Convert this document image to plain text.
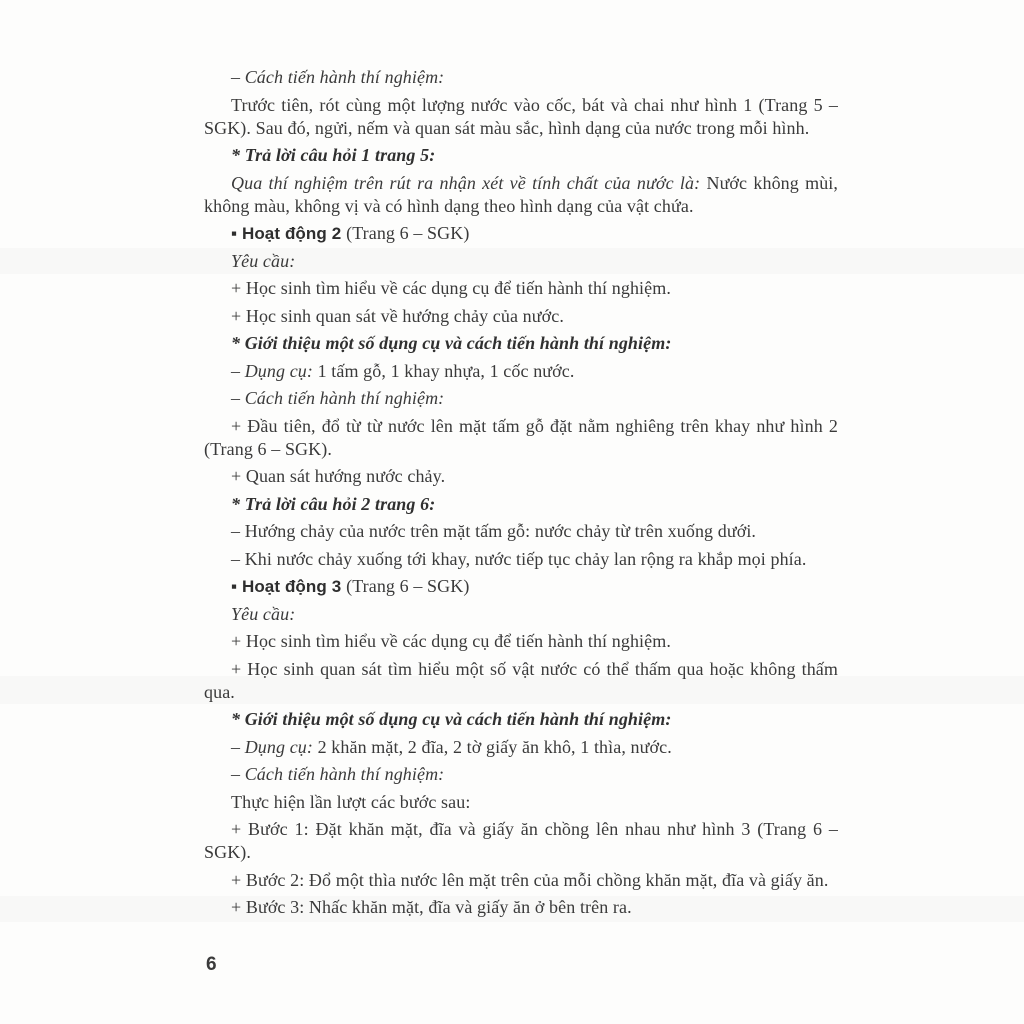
– Cách tiến hành thí nghiệm:

Trước tiên, rót cùng một lượng nước vào cốc, bát và chai như hình 1 (Trang 5 – SGK). Sau đó, ngửi, nếm và quan sát màu sắc, hình dạng của nước trong mỗi hình.

* Trả lời câu hỏi 1 trang 5:

Qua thí nghiệm trên rút ra nhận xét về tính chất của nước là: Nước không mùi, không màu, không vị và có hình dạng theo hình dạng của vật chứa.

▪ Hoạt động 2 (Trang 6 – SGK)

Yêu cầu:

+ Học sinh tìm hiểu về các dụng cụ để tiến hành thí nghiệm.

+ Học sinh quan sát về hướng chảy của nước.

* Giới thiệu một số dụng cụ và cách tiến hành thí nghiệm:

– Dụng cụ: 1 tấm gỗ, 1 khay nhựa, 1 cốc nước.

– Cách tiến hành thí nghiệm:

+ Đầu tiên, đổ từ từ nước lên mặt tấm gỗ đặt nằm nghiêng trên khay như hình 2 (Trang 6 – SGK).

+ Quan sát hướng nước chảy.

* Trả lời câu hỏi 2 trang 6:

– Hướng chảy của nước trên mặt tấm gỗ: nước chảy từ trên xuống dưới.

– Khi nước chảy xuống tới khay, nước tiếp tục chảy lan rộng ra khắp mọi phía.

▪ Hoạt động 3 (Trang 6 – SGK)

Yêu cầu:

+ Học sinh tìm hiểu về các dụng cụ để tiến hành thí nghiệm.

+ Học sinh quan sát tìm hiểu một số vật nước có thể thấm qua hoặc không thấm qua.

* Giới thiệu một số dụng cụ và cách tiến hành thí nghiệm:

– Dụng cụ: 2 khăn mặt, 2 đĩa, 2 tờ giấy ăn khô, 1 thìa, nước.

– Cách tiến hành thí nghiệm:

Thực hiện lần lượt các bước sau:

+ Bước 1: Đặt khăn mặt, đĩa và giấy ăn chồng lên nhau như hình 3 (Trang 6 – SGK).

+ Bước 2: Đổ một thìa nước lên mặt trên của mỗi chồng khăn mặt, đĩa và giấy ăn.

+ Bước 3: Nhấc khăn mặt, đĩa và giấy ăn ở bên trên ra.

6
